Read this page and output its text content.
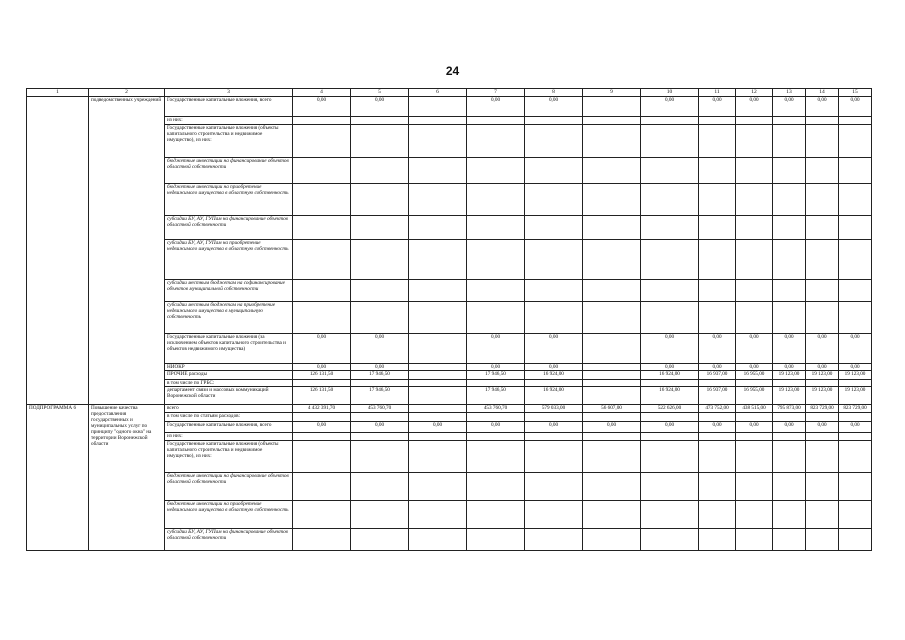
24
1	2	3	4	5	6	7	8	9	10	11	12	13	14	15
	подведомственных учреждений	Государственные капитальные вложения, всего	0,00	0,00		0,00	0,00		0,00	0,00	0,00	0,00	0,00	0,00
		из них:												
		Государственные капитальные вложения (объекты капитального строительства и недвижимое имущество), из них:												
		бюджетные инвестиции на финансирование объектов областной собственности												
		бюджетные инвестиции на приобретение недвижимого имущества в областную собственность												
		субсидии БУ, АУ, ГУПам на финансирование объектов областной собственности												
		субсидии БУ, АУ, ГУПам на приобретение недвижимого имущества в областную собственность												
		субсидии местным бюджетам на софинансирование объектов муниципальной собственности												
		субсидии местным бюджетам на приобретение недвижимого имущества в муниципальную собственность												
		Государственные капитальные вложения (за исключением объектов капитального строительства и объектов недвижимого имущества)	0,00	0,00		0,00	0,00		0,00	0,00	0,00	0,00	0,00	0,00
		НИОКР	0,00	0,00		0,00	0,00		0,00	0,00	0,00	0,00	0,00	0,00
		ПРОЧИЕ расходы	126 131,50	17 946,50		17 946,50	16 924,00		16 924,00	16 937,00	16 955,00	19 123,00	19 123,00	19 123,00
		в том числе по ГРБС:												
		департамент связи и массовых коммуникаций Воронежской области	126 131,50	17 946,50		17 946,50	16 924,00		16 924,00	16 937,00	16 955,00	19 123,00	19 123,00	19 123,00
ПОДПРОГРАММА 6	Повышение качества предоставления государственных и муниципальных услуг по принципу "одного окна" на территории Воронежской области	всего	4 432 391,70	453 760,70		453 760,70	579 033,00	56 607,00	522 626,00	473 752,00	438 515,00	795 873,00	823 729,00	823 729,00
		в том числе по статьям расходов:												
		Государственные капитальные вложения, всего	0,00	0,00	0,00	0,00	0,00	0,00	0,00	0,00	0,00	0,00	0,00	0,00
		из них:												
		Государственные капитальные вложения (объекты капитального строительства и недвижимое имущество), из них:												
		бюджетные инвестиции на финансирование объектов областной собственности												
		бюджетные инвестиции на приобретение недвижимого имущества в областную собственность												
		субсидии БУ, АУ, ГУПам на финансирование объектов областной собственности												
